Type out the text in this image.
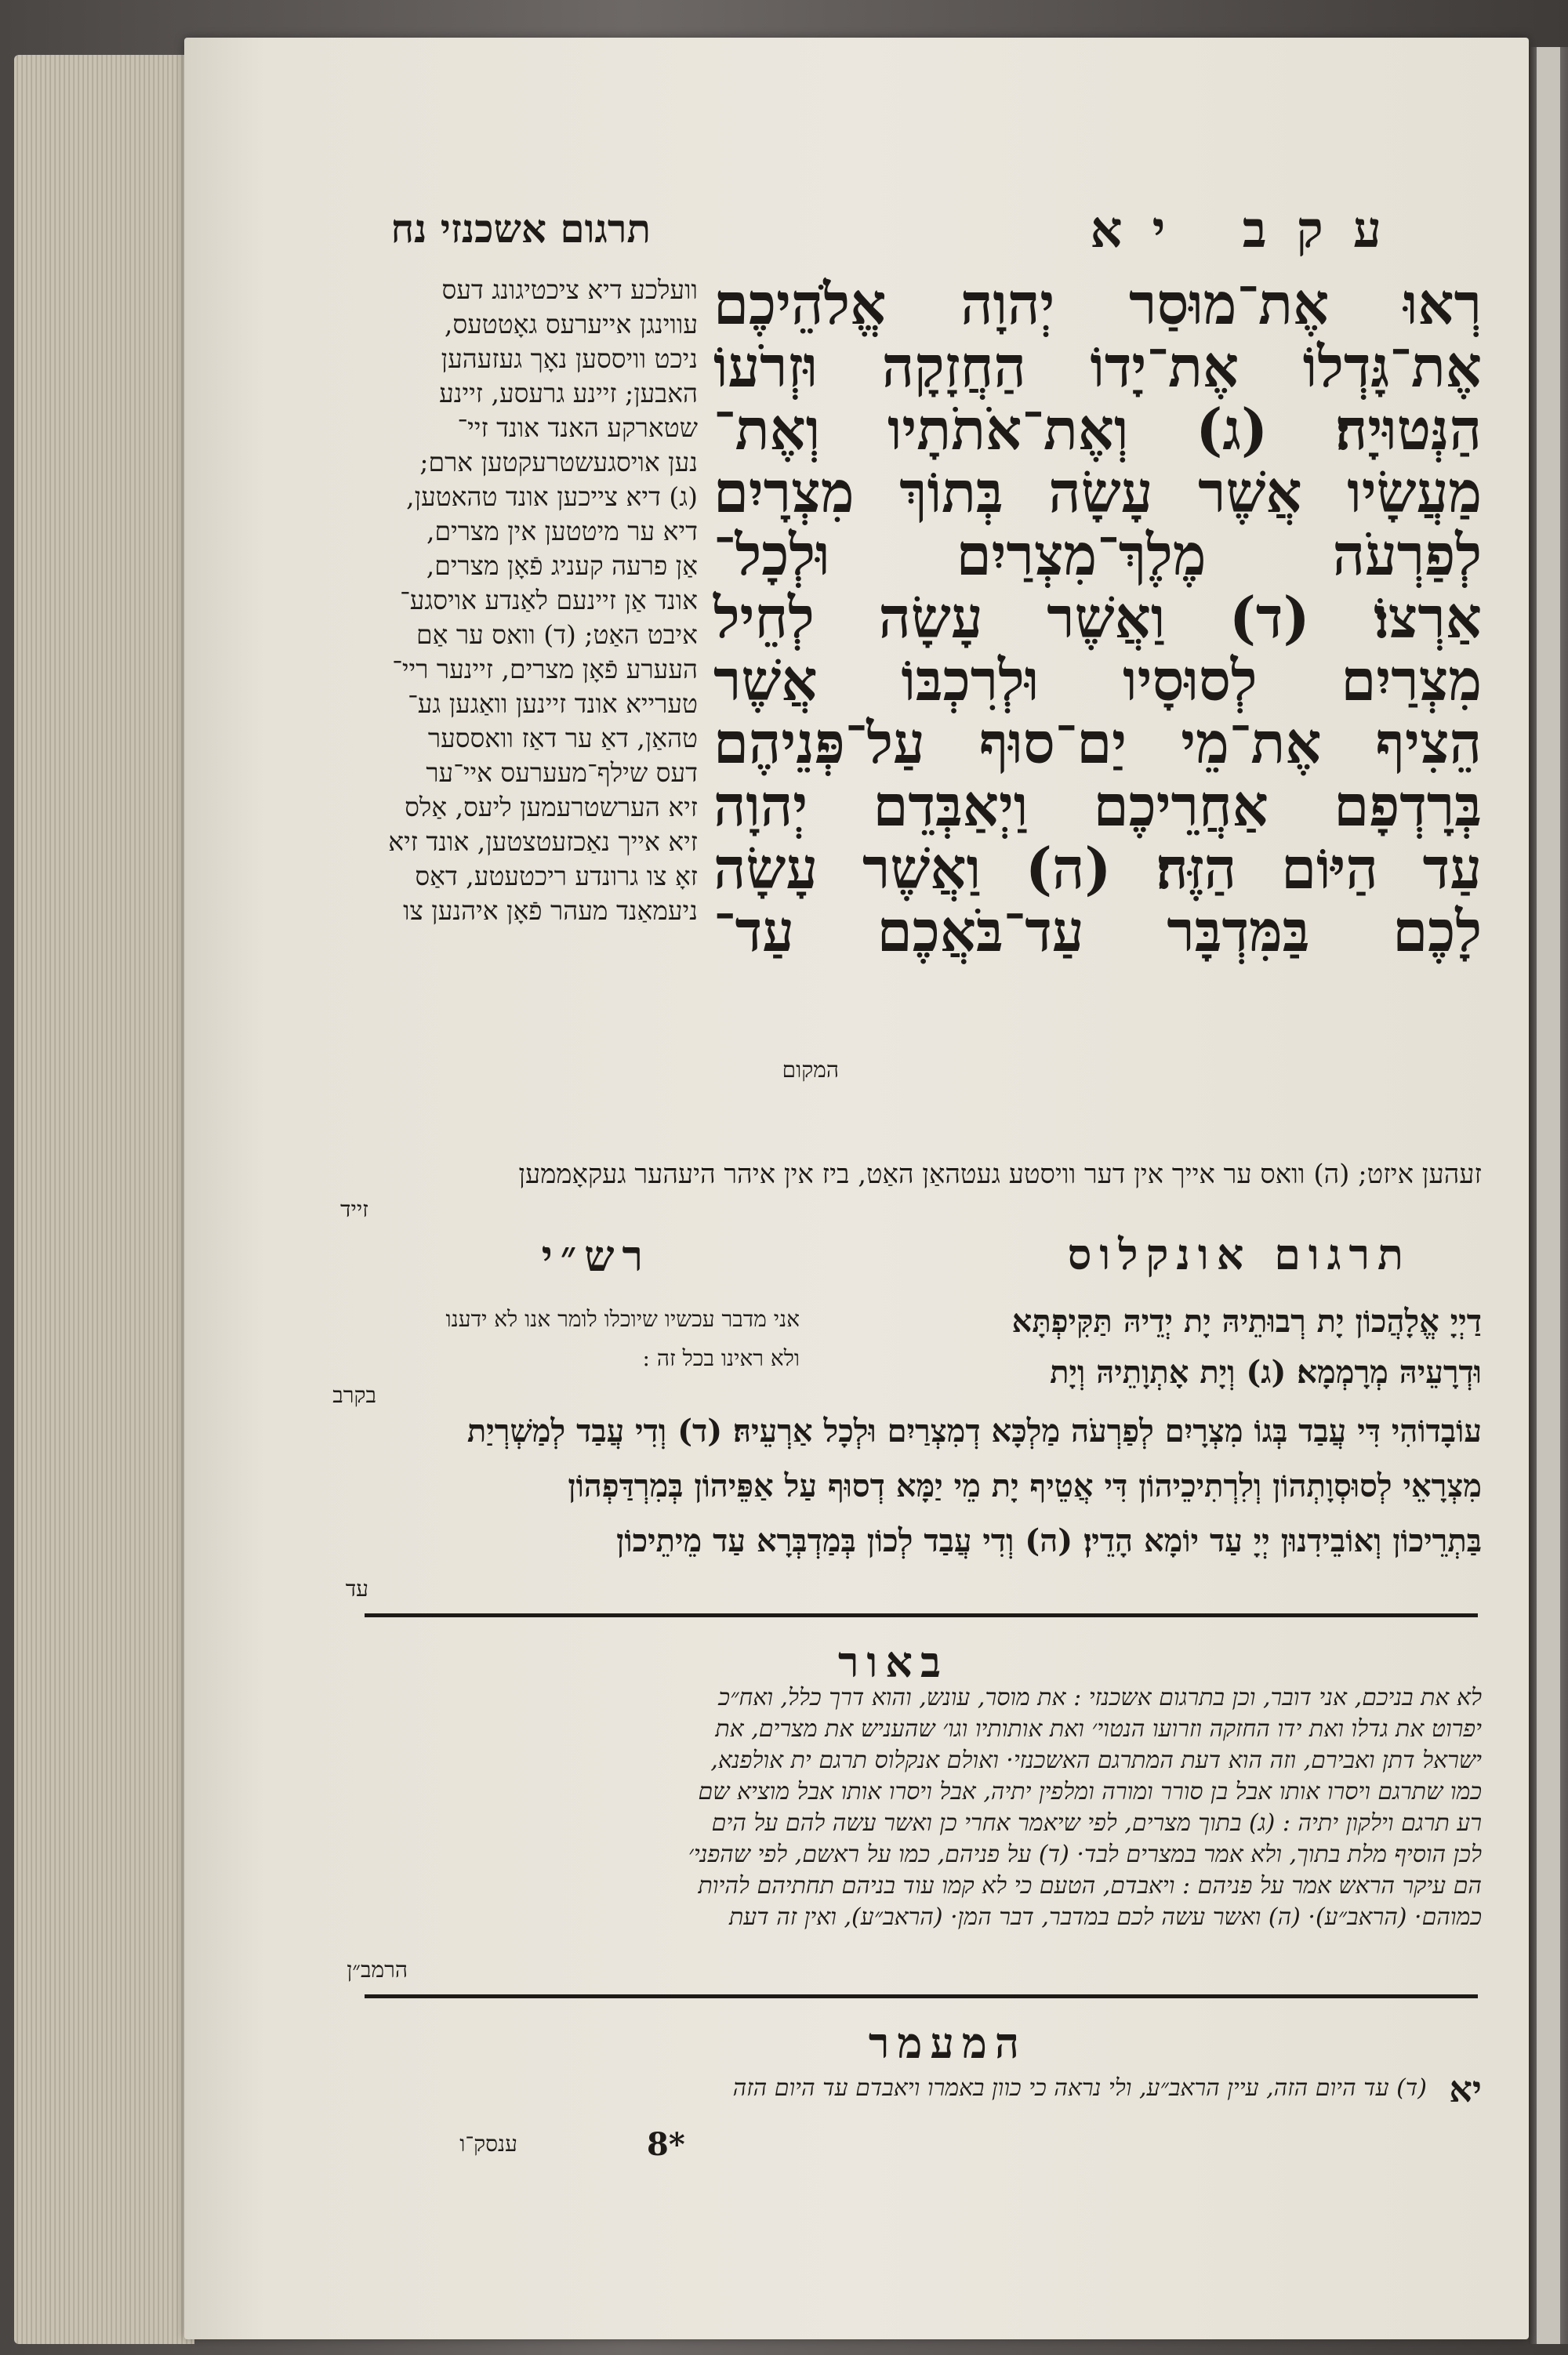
עקב יא
תרגום אשכנזי נח
רְאוּ אֶת־מוּסַר יְהוָה אֱלֹהֵיכֶם
אֶת־גָּדְלוֹ אֶת־יָדוֹ הַחֲזָקָה וּזְרֹעוֹ
הַנְּטוּיָה׃ (ג) וְאֶת־אֹתֹתָיו וְאֶת־
מַעֲשָׂיו אֲשֶׁר עָשָׂה בְּתוֹךְ מִצְרָיִם
לְפַרְעֹה מֶלֶךְ־מִצְרַיִם וּלְכָל־
אַרְצוֹ׃ (ד) וַאֲשֶׁר עָשָׂה לְחֵיל
מִצְרַיִם לְסוּסָיו וּלְרִכְבּוֹ אֲשֶׁר
הֵצִיף אֶת־מֵי יַם־סוּף עַל־פְּנֵיהֶם
בְּרָדְפָם אַחֲרֵיכֶם וַיְאַבְּדֵם יְהוָה
עַד הַיּוֹם הַזֶּה׃ (ה) וַאֲשֶׁר עָשָׂה
לָכֶם בַּמִּדְבָּר עַד־בֹּאֲכֶם עַד־
המקום
וועלכע דיא ציכטיגונג דעס
עווינגן אייערעס גאָטטעס,
ניכט וויססען נאָך געזעהען
האבען; זיינע גרעסע, זיינע
שטארקע האנד אונד זיי־
נען אויסגעשטרעקטען ארם;
(ג) דיא צייכען אונד טהאטען,
דיא ער מיטטען אין מצרים,
אַן פרעה קעניג פֿאָן מצרים,
אונד אַן זיינעם לאַנדע אויסגע־
איבט האַט; (ד) וואס ער אַם
העערע פֿאָן מצרים, זיינער ריי־
טערייא אונד זיינען וואַגען גע־
טהאַן, דאַ ער דאַז וואססער
דעס שילף־מעערעס איי־ער
זיא הערשטרעמען ליעס, אַלס
זיא אייך נאַכזעטצטען, אונד זיא
זאָ צו גרונדע ריכטעטע, דאַס
ניעמאַנד מעהר פֿאָן איהנען צו
זעהען איזט; (ה) וואס ער אייך אין דער וויסטע געטהאַן האַט, ביז אין איהר היעהער געקאָממען
זייד
תרגום אונקלוס
דַיְיָ אֱלָהֲכוֹן יָת רְבוּתֵיהּ יָת יְדֵיהּ תַּקִּיפְתָּא
וּדְרָעֵיהּ מְרָמְמָא׃ (ג) וְיָת אָתְוָתֵיהּ וְיָת
עוֹבָדוֹהִי דִּי עֲבַד בְּגוֹ מִצְרָיִם לְפַרְעֹה מַלְכָּא דְמִצְרַיִם וּלְכָל אַרְעֵיהּ׃ (ד) וְדִי עֲבַד לְמַשְׁרְיַת
מִצְרָאֵי לְסוּסְוָתְהוֹן וְלִרְתִיכֵיהוֹן דִּי אֲטֵיף יָת מֵי יַמָּא דְסוּף עַל אַפֵּיהוֹן בְּמִרְדַּפְהוֹן
בַּתְרֵיכוֹן וְאוֹבֵידִנוּן יְיָ עַד יוֹמָא הָדֵין׃ (ה) וְדִי עֲבַד לְכוֹן בְּמַדְבְּרָא עַד מֵיתֵיכוֹן
עד
רש״י
אני מדבר עכשיו שיוכלו לומר אנו לא ידענו
ולא ראינו בכל זה :
בקרב
באור
לא את בניכם, אני דובר, וכן בתרגום אשכנזי : את מוסר, עונש, והוא דרך כלל, ואח״כ
יפרוט את גדלו ואת ידו החזקה וזרועו הנטוי׳ ואת אותותיו וגו׳ שהעניש את מצרים, את
ישראל דתן ואבירם, וזה הוא דעת המתרגם האשכנזי· ואולם אנקלוס תרגם ית אולפנא,
כמו שתרגם ויסרו אותו אבל בן סורר ומורה ומלפין יתיה, אבל ויסרו אותו אבל מוציא שם
רע תרגם וילקון יתיה : (ג) בתוך מצרים, לפי שיאמר אחרי כן ואשר עשה להם על הים
לכן הוסיף מלת בתוך, ולא אמר במצרים לבד· (ד) על פניהם, כמו על ראשם, לפי שהפני׳
הם עיקר הראש אמר על פניהם : ויאבדם, הטעם כי לא קמו עוד בניהם תחתיהם להיות
כמוהם· (הראב״ע)· (ה) ואשר עשה לכם במדבר, דבר המן· (הראב״ע), ואין זה דעת
הרמב״ן
המעמר
יא
(ד) עד היום הזה, עיין הראב״ע, ולי נראה כי כוון באמרו ויאבדם עד היום הזה
8*
ענסק־ו
